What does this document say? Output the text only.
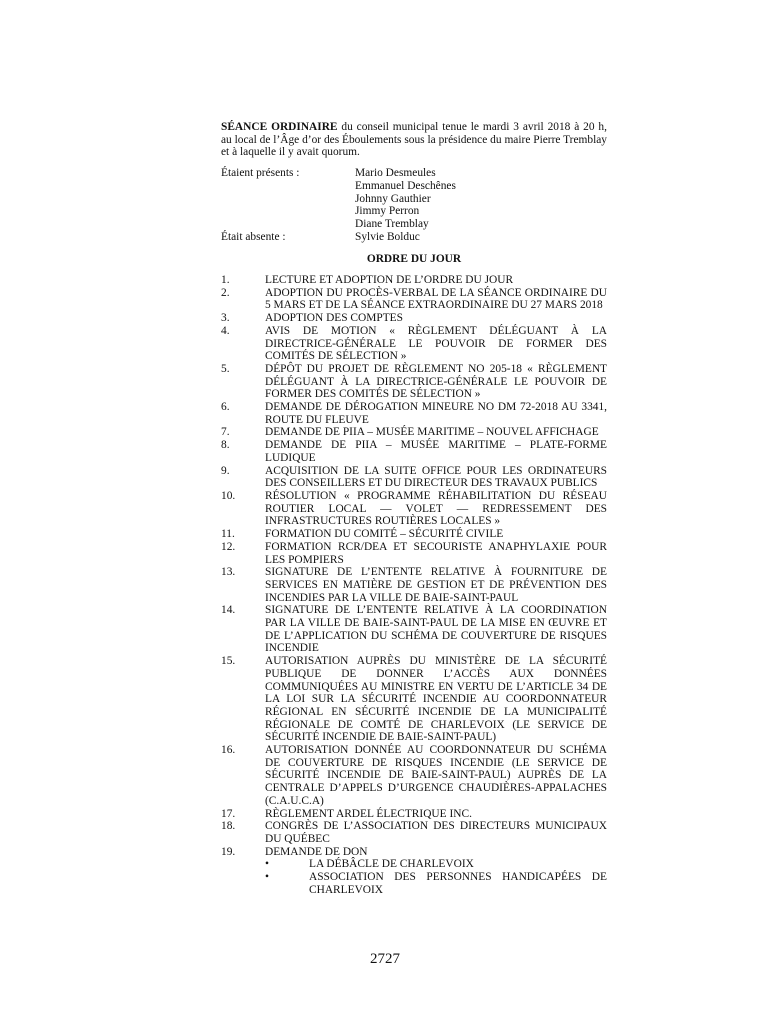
SÉANCE ORDINAIRE du conseil municipal tenue le mardi 3 avril 2018 à 20 h, au local de l’Âge d’or des Éboulements sous la présidence du maire Pierre Tremblay et à laquelle il y avait quorum.

Étaient présents :	Mario Desmeules
Emmanuel Deschênes
Johnny Gauthier
Jimmy Perron
Diane Tremblay
Était absente :	Sylvie Bolduc
ORDRE DU JOUR
1.	LECTURE ET ADOPTION DE L’ORDRE DU JOUR
2.	ADOPTION DU PROCÈS-VERBAL DE LA SÉANCE ORDINAIRE DU 5 MARS ET DE LA SÉANCE EXTRAORDINAIRE DU 27 MARS 2018
3.	ADOPTION DES COMPTES
4.	AVIS DE MOTION « RÈGLEMENT DÉLÉGUANT À LA DIRECTRICE-GÉNÉRALE LE POUVOIR DE FORMER DES COMITÉS DE SÉLECTION »
5.	DÉPÔT DU PROJET DE RÈGLEMENT NO 205-18 « RÈGLEMENT DÉLÉGUANT À LA DIRECTRICE-GÉNÉRALE LE POUVOIR DE FORMER DES COMITÉS DE SÉLECTION »
6.	DEMANDE DE DÉROGATION MINEURE NO DM 72-2018 AU 3341, ROUTE DU FLEUVE
7.	DEMANDE DE PIIA – MUSÉE MARITIME – NOUVEL AFFICHAGE
8.	DEMANDE DE PIIA – MUSÉE MARITIME – PLATE-FORME LUDIQUE
9.	ACQUISITION DE LA SUITE OFFICE POUR LES ORDINATEURS DES CONSEILLERS ET DU DIRECTEUR DES TRAVAUX PUBLICS
10.	RÉSOLUTION « PROGRAMME RÉHABILITATION DU RÉSEAU ROUTIER LOCAL — VOLET — REDRESSEMENT DES INFRASTRUCTURES ROUTIÈRES LOCALES »
11.	FORMATION DU COMITÉ – SÉCURITÉ CIVILE
12.	FORMATION RCR/DEA ET SECOURISTE ANAPHYLAXIE POUR LES POMPIERS
13.	SIGNATURE DE L’ENTENTE RELATIVE À FOURNITURE DE SERVICES EN MATIÈRE DE GESTION ET DE PRÉVENTION DES INCENDIES PAR LA VILLE DE BAIE-SAINT-PAUL
14.	SIGNATURE DE L’ENTENTE RELATIVE À LA COORDINATION PAR LA VILLE DE BAIE-SAINT-PAUL DE LA MISE EN ŒUVRE ET DE L’APPLICATION DU SCHÉMA DE COUVERTURE DE RISQUES INCENDIE
15.	AUTORISATION AUPRÈS DU MINISTÈRE DE LA SÉCURITÉ PUBLIQUE DE DONNER L’ACCÈS AUX DONNÉES COMMUNIQUÉES AU MINISTRE EN VERTU DE L’ARTICLE 34 DE LA LOI SUR LA SÉCURITÉ INCENDIE AU COORDONNATEUR RÉGIONAL EN SÉCURITÉ INCENDIE DE LA MUNICIPALITÉ RÉGIONALE DE COMTÉ DE CHARLEVOIX (LE SERVICE DE SÉCURITÉ INCENDIE DE BAIE-SAINT-PAUL)
16.	AUTORISATION DONNÉE AU COORDONNATEUR DU SCHÉMA DE COUVERTURE DE RISQUES INCENDIE (LE SERVICE DE SÉCURITÉ INCENDIE DE BAIE-SAINT-PAUL) AUPRÈS DE LA CENTRALE D’APPELS D’URGENCE CHAUDIÈRES-APPALACHES (C.A.U.C.A)
17.	RÈGLEMENT ARDEL ÉLECTRIQUE INC.
18.	CONGRÈS DE L’ASSOCIATION DES DIRECTEURS MUNICIPAUX DU QUÉBEC
19.	DEMANDE DE DON
•	LA DÉBÂCLE DE CHARLEVOIX
•	ASSOCIATION DES PERSONNES HANDICAPÉES DE CHARLEVOIX
2727
